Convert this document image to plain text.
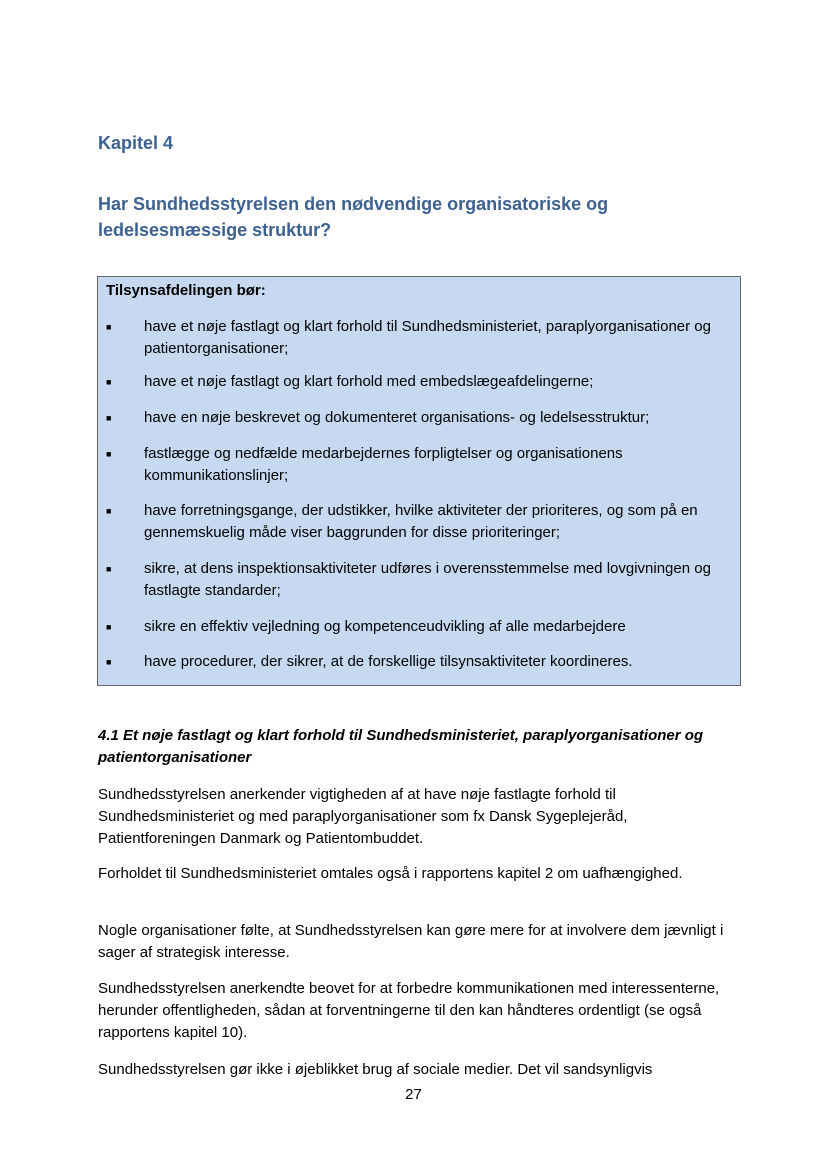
Kapitel 4
Har Sundhedsstyrelsen den nødvendige organisatoriske og ledelsesmæssige struktur?
Tilsynsafdelingen bør:
■ have et nøje fastlagt og klart forhold til Sundhedsministeriet, paraplyorganisationer og patientorganisationer;
■ have et nøje fastlagt og klart forhold med embedslægeafdelingerne;
■ have en nøje beskrevet og dokumenteret organisations- og ledelsesstruktur;
■ fastlægge og nedfælde medarbejdernes forpligtelser og organisationens kommunikationslinjer;
■ have forretningsgange, der udstikker, hvilke aktiviteter der prioriteres, og som på en gennemskuelig måde viser baggrunden for disse prioriteringer;
■ sikre, at dens inspektionsaktiviteter udføres i overensstemmelse med lovgivningen og fastlagte standarder;
■ sikre en effektiv vejledning og kompetenceudvikling af alle medarbejdere
■ have procedurer, der sikrer, at de forskellige tilsynsaktiviteter koordineres.
4.1 Et nøje fastlagt og klart forhold til Sundhedsministeriet, paraplyorganisationer og patientorganisationer

Sundhedsstyrelsen anerkender vigtigheden af at have nøje fastlagte forhold til Sundhedsministeriet og med paraplyorganisationer som fx Dansk Sygeplejeråd, Patientforeningen Danmark og Patientombuddet.

Forholdet til Sundhedsministeriet omtales også i rapportens kapitel 2 om uafhængighed.

Nogle organisationer følte, at Sundhedsstyrelsen kan gøre mere for at involvere dem jævnligt i sager af strategisk interesse.

Sundhedsstyrelsen anerkendte beovet for at forbedre kommunikationen med interessenterne, herunder offentligheden, sådan at forventningerne til den kan håndteres ordentligt (se også rapportens kapitel 10).

Sundhedsstyrelsen gør ikke i øjeblikket brug af sociale medier. Det vil sandsynligvis

27
